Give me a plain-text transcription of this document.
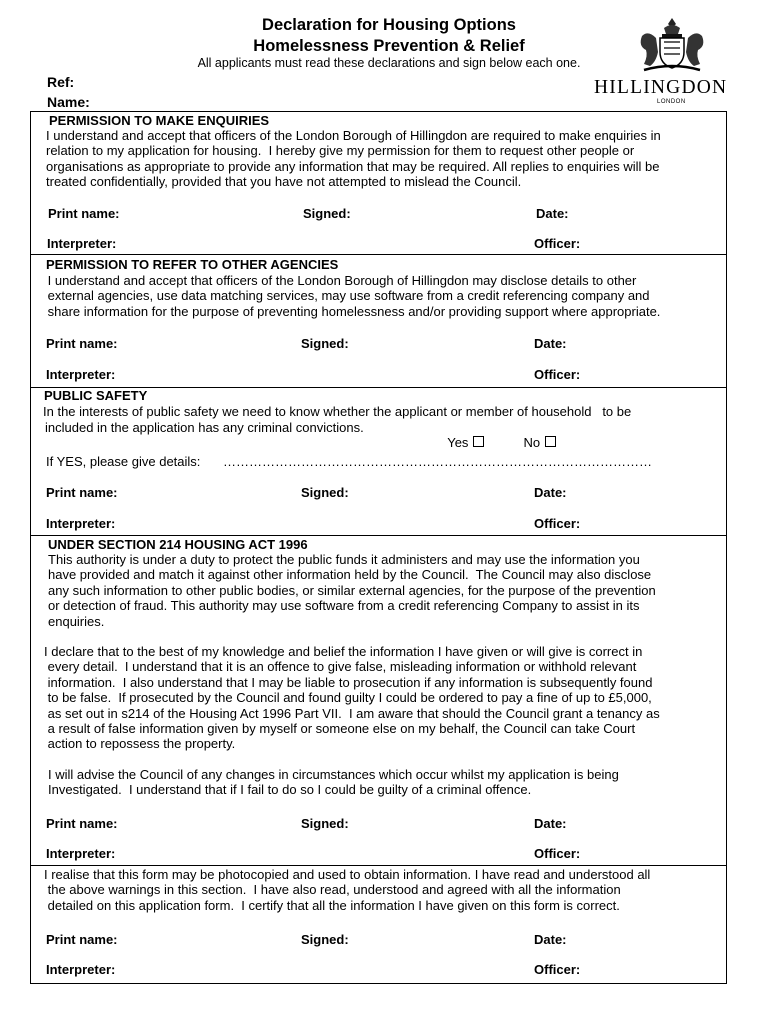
Declaration for Housing Options
Homelessness Prevention & Relief
All applicants must read these declarations and sign below each one.
Ref:
Name:
HILLINGDON
LONDON
PERMISSION TO MAKE ENQUIRIES
I understand and accept that officers of the London Borough of Hillingdon are required to make enquiries in
relation to my application for housing.  I hereby give my permission for them to request other people or
organisations as appropriate to provide any information that may be required. All replies to enquiries will be
treated confidentially, provided that you have not attempted to mislead the Council.
Print name:	Signed:	Date:
Interpreter:	Officer:
PERMISSION TO REFER TO OTHER AGENCIES
I understand and accept that officers of the London Borough of Hillingdon may disclose details to other
external agencies, use data matching services, may use software from a credit referencing company and
share information for the purpose of preventing homelessness and/or providing support where appropriate.
Print name:	Signed:	Date:
Interpreter:	Officer:
PUBLIC SAFETY
In the interests of public safety we need to know whether the applicant or member of household   to be
included in the application has any criminal convictions.

Yes
	No

If YES, please give details: ………………………………………………………………………………………
Print name:	Signed:	Date:
Interpreter:	Officer:
UNDER SECTION 214 HOUSING ACT 1996
This authority is under a duty to protect the public funds it administers and may use the information you
have provided and match it against other information held by the Council.  The Council may also disclose
any such information to other public bodies, or similar external agencies, for the purpose of the prevention
or detection of fraud. This authority may use software from a credit referencing Company to assist in its
enquiries.
I declare that to the best of my knowledge and belief the information I have given or will give is correct in
every detail.  I understand that it is an offence to give false, misleading information or withhold relevant
information.  I also understand that I may be liable to prosecution if any information is subsequently found
to be false.  If prosecuted by the Council and found guilty I could be ordered to pay a fine of up to £5,000,
as set out in s214 of the Housing Act 1996 Part VII.  I am aware that should the Council grant a tenancy as
a result of false information given by myself or someone else on my behalf, the Council can take Court
action to repossess the property.
I will advise the Council of any changes in circumstances which occur whilst my application is being
Investigated.  I understand that if I fail to do so I could be guilty of a criminal offence.
Print name:	Signed:	Date:
Interpreter:	Officer:
I realise that this form may be photocopied and used to obtain information. I have read and understood all
the above warnings in this section.  I have also read, understood and agreed with all the information
detailed on this application form.  I certify that all the information I have given on this form is correct.
Print name:	Signed:	Date:
Interpreter:	Officer:
